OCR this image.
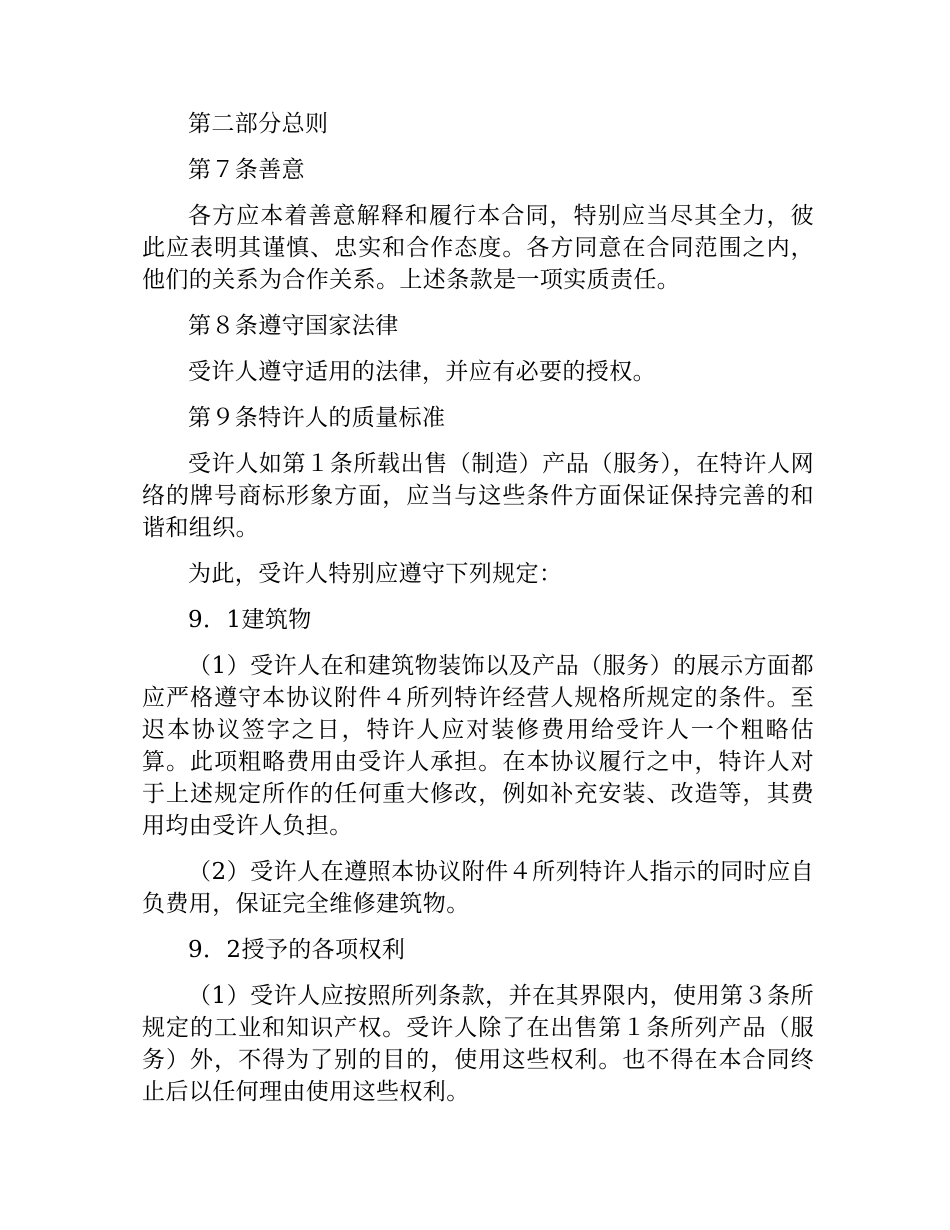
第二部分总则

第７条善意

各方应本着善意解释和履行本合同，特别应当尽其全力，彼此应表明其谨慎、忠实和合作态度。各方同意在合同范围之内，他们的关系为合作关系。上述条款是一项实质责任。

第８条遵守国家法律

受许人遵守适用的法律，并应有必要的授权。

第９条特许人的质量标准

受许人如第１条所载出售（制造）产品（服务），在特许人网络的牌号商标形象方面，应当与这些条件方面保证保持完善的和谐和组织。

为此，受许人特别应遵守下列规定：

9．1建筑物

（1）受许人在和建筑物装饰以及产品（服务）的展示方面都应严格遵守本协议附件４所列特许经营人规格所规定的条件。至迟本协议签字之日，特许人应对装修费用给受许人一个粗略估算。此项粗略费用由受许人承担。在本协议履行之中，特许人对于上述规定所作的任何重大修改，例如补充安装、改造等，其费用均由受许人负担。

（2）受许人在遵照本协议附件４所列特许人指示的同时应自负费用，保证完全维修建筑物。

9．2授予的各项权利

（1）受许人应按照所列条款，并在其界限内，使用第３条所规定的工业和知识产权。受许人除了在出售第１条所列产品（服务）外，不得为了别的目的，使用这些权利。也不得在本合同终止后以任何理由使用这些权利。
